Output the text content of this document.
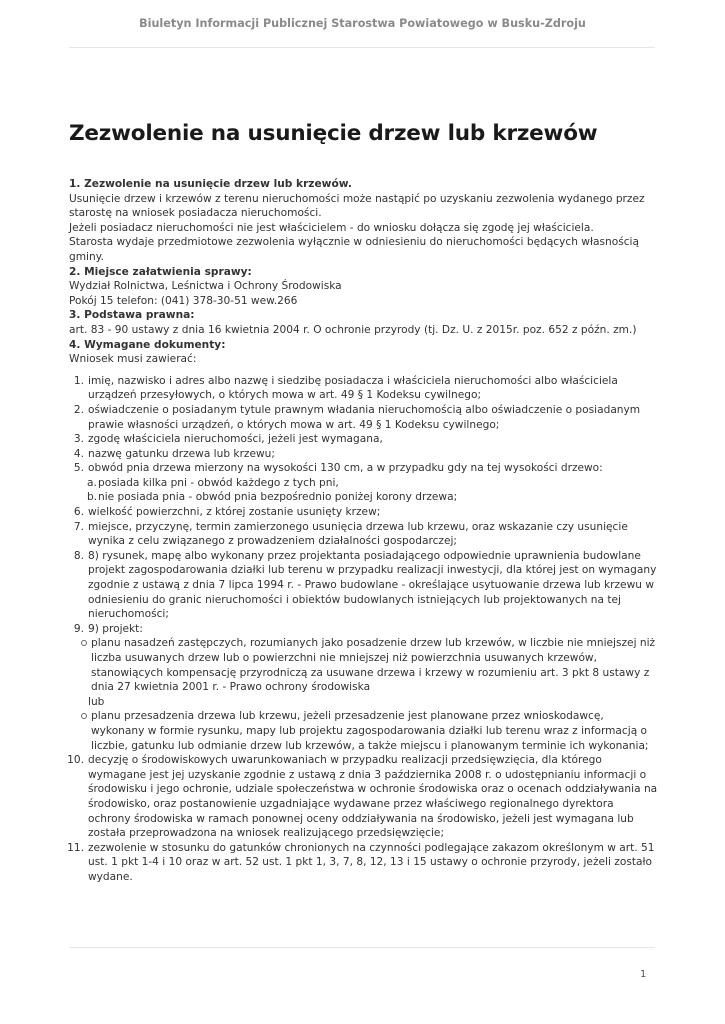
Biuletyn Informacji Publicznej Starostwa Powiatowego w Busku-Zdroju
Zezwolenie na usunięcie drzew lub krzewów

1. Zezwolenie na usunięcie drzew lub krzewów.

Usunięcie drzew i krzewów z terenu nieruchomości może nastąpić po uzyskaniu zezwolenia wydanego przez starostę na wniosek posiadacza nieruchomości.

Jeżeli posiadacz nieruchomości nie jest właścicielem - do wniosku dołącza się zgodę jej właściciela.

Starosta wydaje przedmiotowe zezwolenia wyłącznie w odniesieniu do nieruchomości będących własnością gminy.

2. Miejsce załatwienia sprawy:

Wydział Rolnictwa, Leśnictwa i Ochrony Środowiska

Pokój 15 telefon: (041) 378-30-51 wew.266

3. Podstawa prawna:

art. 83 - 90 ustawy z dnia 16 kwietnia 2004 r. O ochronie przyrody (tj. Dz. U. z 2015r. poz. 652 z późn. zm.)

4. Wymagane dokumenty:

Wniosek musi zawierać:

1. imię, nazwisko i adres albo nazwę i siedzibę posiadacza i właściciela nieruchomości albo właściciela urządzeń przesyłowych, o których mowa w art. 49 § 1 Kodeksu cywilnego;
2. oświadczenie o posiadanym tytule prawnym władania nieruchomością albo oświadczenie o posiadanym prawie własności urządzeń, o których mowa w art. 49 § 1 Kodeksu cywilnego;
3. zgodę właściciela nieruchomości, jeżeli jest wymagana,
4. nazwę gatunku drzewa lub krzewu;
5. obwód pnia drzewa mierzony na wysokości 130 cm, a w przypadku gdy na tej wysokości drzewo:
a. posiada kilka pni - obwód każdego z tych pni,
b. nie posiada pnia - obwód pnia bezpośrednio poniżej korony drzewa;
6. wielkość powierzchni, z której zostanie usunięty krzew;
7. miejsce, przyczynę, termin zamierzonego usunięcia drzewa lub krzewu, oraz wskazanie czy usunięcie wynika z celu związanego z prowadzeniem działalności gospodarczej;
8. 8) rysunek, mapę albo wykonany przez projektanta posiadającego odpowiednie uprawnienia budowlane projekt zagospodarowania działki lub terenu w przypadku realizacji inwestycji, dla której jest on wymagany zgodnie z ustawą z dnia 7 lipca 1994 r. - Prawo budowlane - określające usytuowanie drzewa lub krzewu w odniesieniu do granic nieruchomości i obiektów budowlanych istniejących lub projektowanych na tej nieruchomości;
9. 9) projekt:
planu nasadzeń zastępczych, rozumianych jako posadzenie drzew lub krzewów, w liczbie nie mniejszej niż liczba usuwanych drzew lub o powierzchni nie mniejszej niż powierzchnia usuwanych krzewów, stanowiących kompensację przyrodniczą za usuwane drzewa i krzewy w rozumieniu art. 3 pkt 8 ustawy z dnia 27 kwietnia 2001 r. - Prawo ochrony środowiska

lub

planu przesadzenia drzewa lub krzewu, jeżeli przesadzenie jest planowane przez wnioskodawcę, wykonany w formie rysunku, mapy lub projektu zagospodarowania działki lub terenu wraz z informacją o liczbie, gatunku lub odmianie drzew lub krzewów, a także miejscu i planowanym terminie ich wykonania;
10. decyzję o środowiskowych uwarunkowaniach w przypadku realizacji przedsięwzięcia, dla którego wymagane jest jej uzyskanie zgodnie z ustawą z dnia 3 października 2008 r. o udostępnianiu informacji o środowisku i jego ochronie, udziale społeczeństwa w ochronie środowiska oraz o ocenach oddziaływania na środowisko, oraz postanowienie uzgadniające wydawane przez właściwego regionalnego dyrektora ochrony środowiska w ramach ponownej oceny oddziaływania na środowisko, jeżeli jest wymagana lub została przeprowadzona na wniosek realizującego przedsięwzięcie;
11. zezwolenie w stosunku do gatunków chronionych na czynności podlegające zakazom określonym w art. 51 ust. 1 pkt 1-4 i 10 oraz w art. 52 ust. 1 pkt 1, 3, 7, 8, 12, 13 i 15 ustawy o ochronie przyrody, jeżeli zostało wydane.
1
